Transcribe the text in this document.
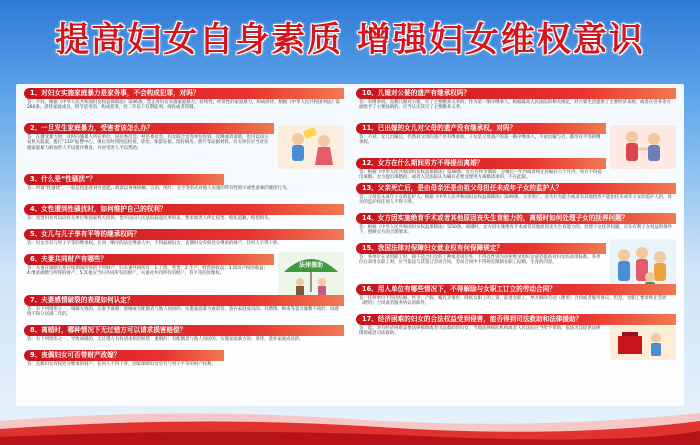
提高妇女自身素质 增强妇女维权意识
1、对妇女实施家庭暴力是家务事，不会构成犯罪，对吗？
答：不对。根据《中华人民共和国妇女权益保障法》第46条，禁止对妇女实施家庭暴力。持续性、经常性的家庭暴力，构成虐待。根据《中华人民共和国刑法》第260条，虐待家庭成员，情节恶劣的，构成犯罪，处二年以下有期徒刑、拘役或者管制。
2、一旦发生家庭暴力，受害者该怎么办？
答：在遭受暴力时，及时向施暴人所在单位、居民委员会、村民委员会、妇女联合会等单位投诉、反映或者求助，也可以向公安机关报案。拨打“110”报警中心，事后及时到医院检查、诊治，保留证据，留好病历、照片等证据材料。有关单位应当对实施家庭暴力的加害人予以批评教育，并对受害人予以帮助。
3、什么是“性骚扰”？
答：所谓“性骚扰”，一般是指违背对方意愿，故意以身体接触、言语、图片、文字等形式对他人实施的带有性暗示或性意味的骚扰行为。
4、女性遭到性骚扰时，如何维护自己的权利？
答：受害妇女可以向有关单位和国家机关投诉，也可以向人民法院提起民事诉讼，要求加害人停止侵害、赔礼道歉、赔偿损失。
5、女儿与儿子享有平等的继承权吗？
答：妇女享有与男子平等的继承权。在同一顺序的法定继承人中，不得歧视妇女，丧偶妇女有权处分继承的财产，任何人不得干涉。
6、夫妻共同财产有哪些？
答：夫妻在婚姻关系存续期间所得的下列财产，归夫妻共同所有：1.工资、奖金；2.生产、经营的收益；3.知识产权的收益；4.继承或赠与所得的财产；5.其他应当归共同所有的财产。夫妻对共同所有的财产，有平等的处理权。
法律援助
7、夫妻感情破裂的表现如何认定？
答：有下列情形之一，调解无效的，应准予离婚：重婚或有配偶者与他人同居的；实施家庭暴力或虐待、遗弃家庭成员的；有赌博、吸毒等恶习屡教不改的；因感情不和分居满二年的。
8、离婚时，哪种情况下无过错方可以请求损害赔偿？
答：有下列情形之一，导致离婚的，无过错方有权请求损害赔偿：重婚的；有配偶者与他人同居的；实施家庭暴力的；虐待、遗弃家庭成员的。
9、丧偶妇女可否带财产改嫁？
答：丧偶妇女有权处分继承的财产，任何人不得干涉。国家保障妇女享有与男子平等的财产权利。
10、儿媳对公婆的遗产有继承权吗？
答：有继承权。丧偶儿媳对公婆，尽了主要赡养义务的，作为第一顺序继承人。根据最高人民法院的相关规定，对公婆生活提供了主要经济来源，或者在劳务等方面给予了主要扶助的，应当认定其尽了主要赡养义务。
11、已出嫁的女儿对父母的遗产没有继承权，对吗？
答：不对。女儿出嫁后，仍然对父母的遗产享有继承权。子女是父母遗产的第一顺序继承人，不论出嫁与否，都享有平等的继承权。
12、女方在什么期间男方不得提出离婚？
答：根据《中华人民共和国妇女权益保障法》第48条，女方在怀孕期间、分娩后一年内或者终止妊娠后六个月内，男方不得提出离婚。女方提出离婚的，或者人民法院认为确有必要受理男方离婚请求的，不在此限。
13、父亲死亡后，是由母亲还是由祖父母担任未成年子女的监护人？
答：父母是未成年子女的监护人。根据《中华人民共和国妇女权益保障法》第49条，父亲死亡、丧失行为能力或者有其他情形不能担任未成年子女的监护人的，母亲的监护权任何人不得干涉。
14、女方因实施绝育手术或者其他原因丧失生育能力的，离婚时如何处理子女的抚养问题？
答：根据《中华人民共和国妇女权益保障法》第50条，离婚时，女方因实施绝育手术或者其他原因丧失生育能力的，处理子女抚养问题，应在有利子女权益的条件下，照顾女方的合理要求。
15、我国法律对保障妇女就业权有何保障规定？
答：各单位在录用职工时，除不适合妇女的工种或者岗位外，不得以性别为由拒绝录用妇女或者提高对妇女的录用标准。各单位在录用女职工时，应当依法与其签订劳动合同，劳动合同中不得规定限制女职工结婚、生育的内容。
16、用人单位有哪些情况下，不得解除与女职工订立的劳动合同？
答：任何单位不得因结婚、怀孕、产假、哺乳等情形，降低女职工的工资，辞退女职工，单方解除劳动（聘用）合同或者服务协议。但是，女职工要求终止劳动（聘用）合同或者服务协议的除外。
17、经济困难的妇女的合法权益受到侵害，能否得到司法救助和法律援助？
答：能。对有经济困难需要法律援助或者司法救助的妇女，当地法律援助机构或者人民法院应当给予帮助，依法为其提供法律援助或者司法救助。
